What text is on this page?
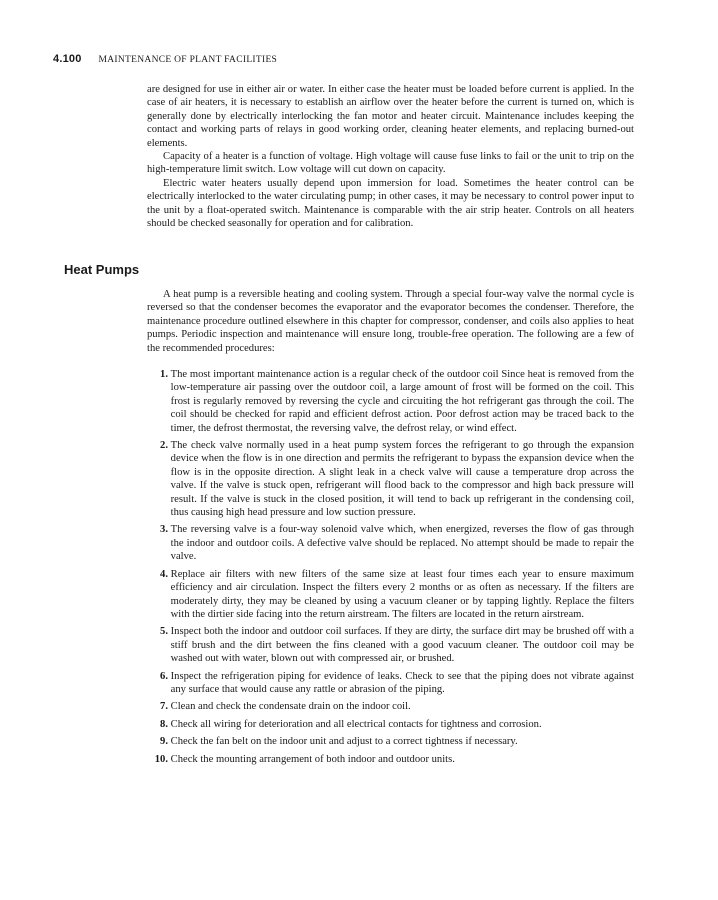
4.100 MAINTENANCE OF PLANT FACILITIES

are designed for use in either air or water. In either case the heater must be loaded before current is applied. In the case of air heaters, it is necessary to establish an airflow over the heater before the current is turned on, which is generally done by electrically interlocking the fan motor and heater circuit. Maintenance includes keeping the contact and working parts of relays in good working order, cleaning heater elements, and replacing burned-out elements.

Capacity of a heater is a function of voltage. High voltage will cause fuse links to fail or the unit to trip on the high-temperature limit switch. Low voltage will cut down on capacity.

Electric water heaters usually depend upon immersion for load. Sometimes the heater control can be electrically interlocked to the water circulating pump; in other cases, it may be necessary to control power input to the unit by a float-operated switch. Maintenance is comparable with the air strip heater. Controls on all heaters should be checked seasonally for operation and for calibration.

Heat Pumps

A heat pump is a reversible heating and cooling system. Through a special four-way valve the normal cycle is reversed so that the condenser becomes the evaporator and the evaporator becomes the condenser. Therefore, the maintenance procedure outlined elsewhere in this chapter for compressor, condenser, and coils also applies to heat pumps. Periodic inspection and maintenance will ensure long, trouble-free operation. The following are a few of the recommended procedures:

1.
The most important maintenance action is a regular check of the outdoor coil Since heat is removed from the low-temperature air passing over the outdoor coil, a large amount of frost will be formed on the coil. This frost is regularly removed by reversing the cycle and circuiting the hot refrigerant gas through the coil. The coil should be checked for rapid and efficient defrost action. Poor defrost action may be traced back to the timer, the defrost thermostat, the reversing valve, the defrost relay, or wind effect.
2.
The check valve normally used in a heat pump system forces the refrigerant to go through the expansion device when the flow is in one direction and permits the refrigerant to bypass the expansion device when the flow is in the opposite direction. A slight leak in a check valve will cause a temperature drop across the valve. If the valve is stuck open, refrigerant will flood back to the compressor and high back pressure will result. If the valve is stuck in the closed position, it will tend to back up refrigerant in the condensing coil, thus causing high head pressure and low suction pressure.
3.
The reversing valve is a four-way solenoid valve which, when energized, reverses the flow of gas through the indoor and outdoor coils. A defective valve should be replaced. No attempt should be made to repair the valve.
4.
Replace air filters with new filters of the same size at least four times each year to ensure maximum efficiency and air circulation. Inspect the filters every 2 months or as often as necessary. If the filters are moderately dirty, they may be cleaned by using a vacuum cleaner or by tapping lightly. Replace the filters with the dirtier side facing into the return airstream. The filters are located in the return airstream.
5.
Inspect both the indoor and outdoor coil surfaces. If they are dirty, the surface dirt may be brushed off with a stiff brush and the dirt between the fins cleaned with a good vacuum cleaner. The outdoor coil may be washed out with water, blown out with compressed air, or brushed.
6.
Inspect the refrigeration piping for evidence of leaks. Check to see that the piping does not vibrate against any surface that would cause any rattle or abrasion of the piping.
7.
Clean and check the condensate drain on the indoor coil.
8.
Check all wiring for deterioration and all electrical contacts for tightness and corrosion.
9.
Check the fan belt on the indoor unit and adjust to a correct tightness if necessary.
10.
Check the mounting arrangement of both indoor and outdoor units.
